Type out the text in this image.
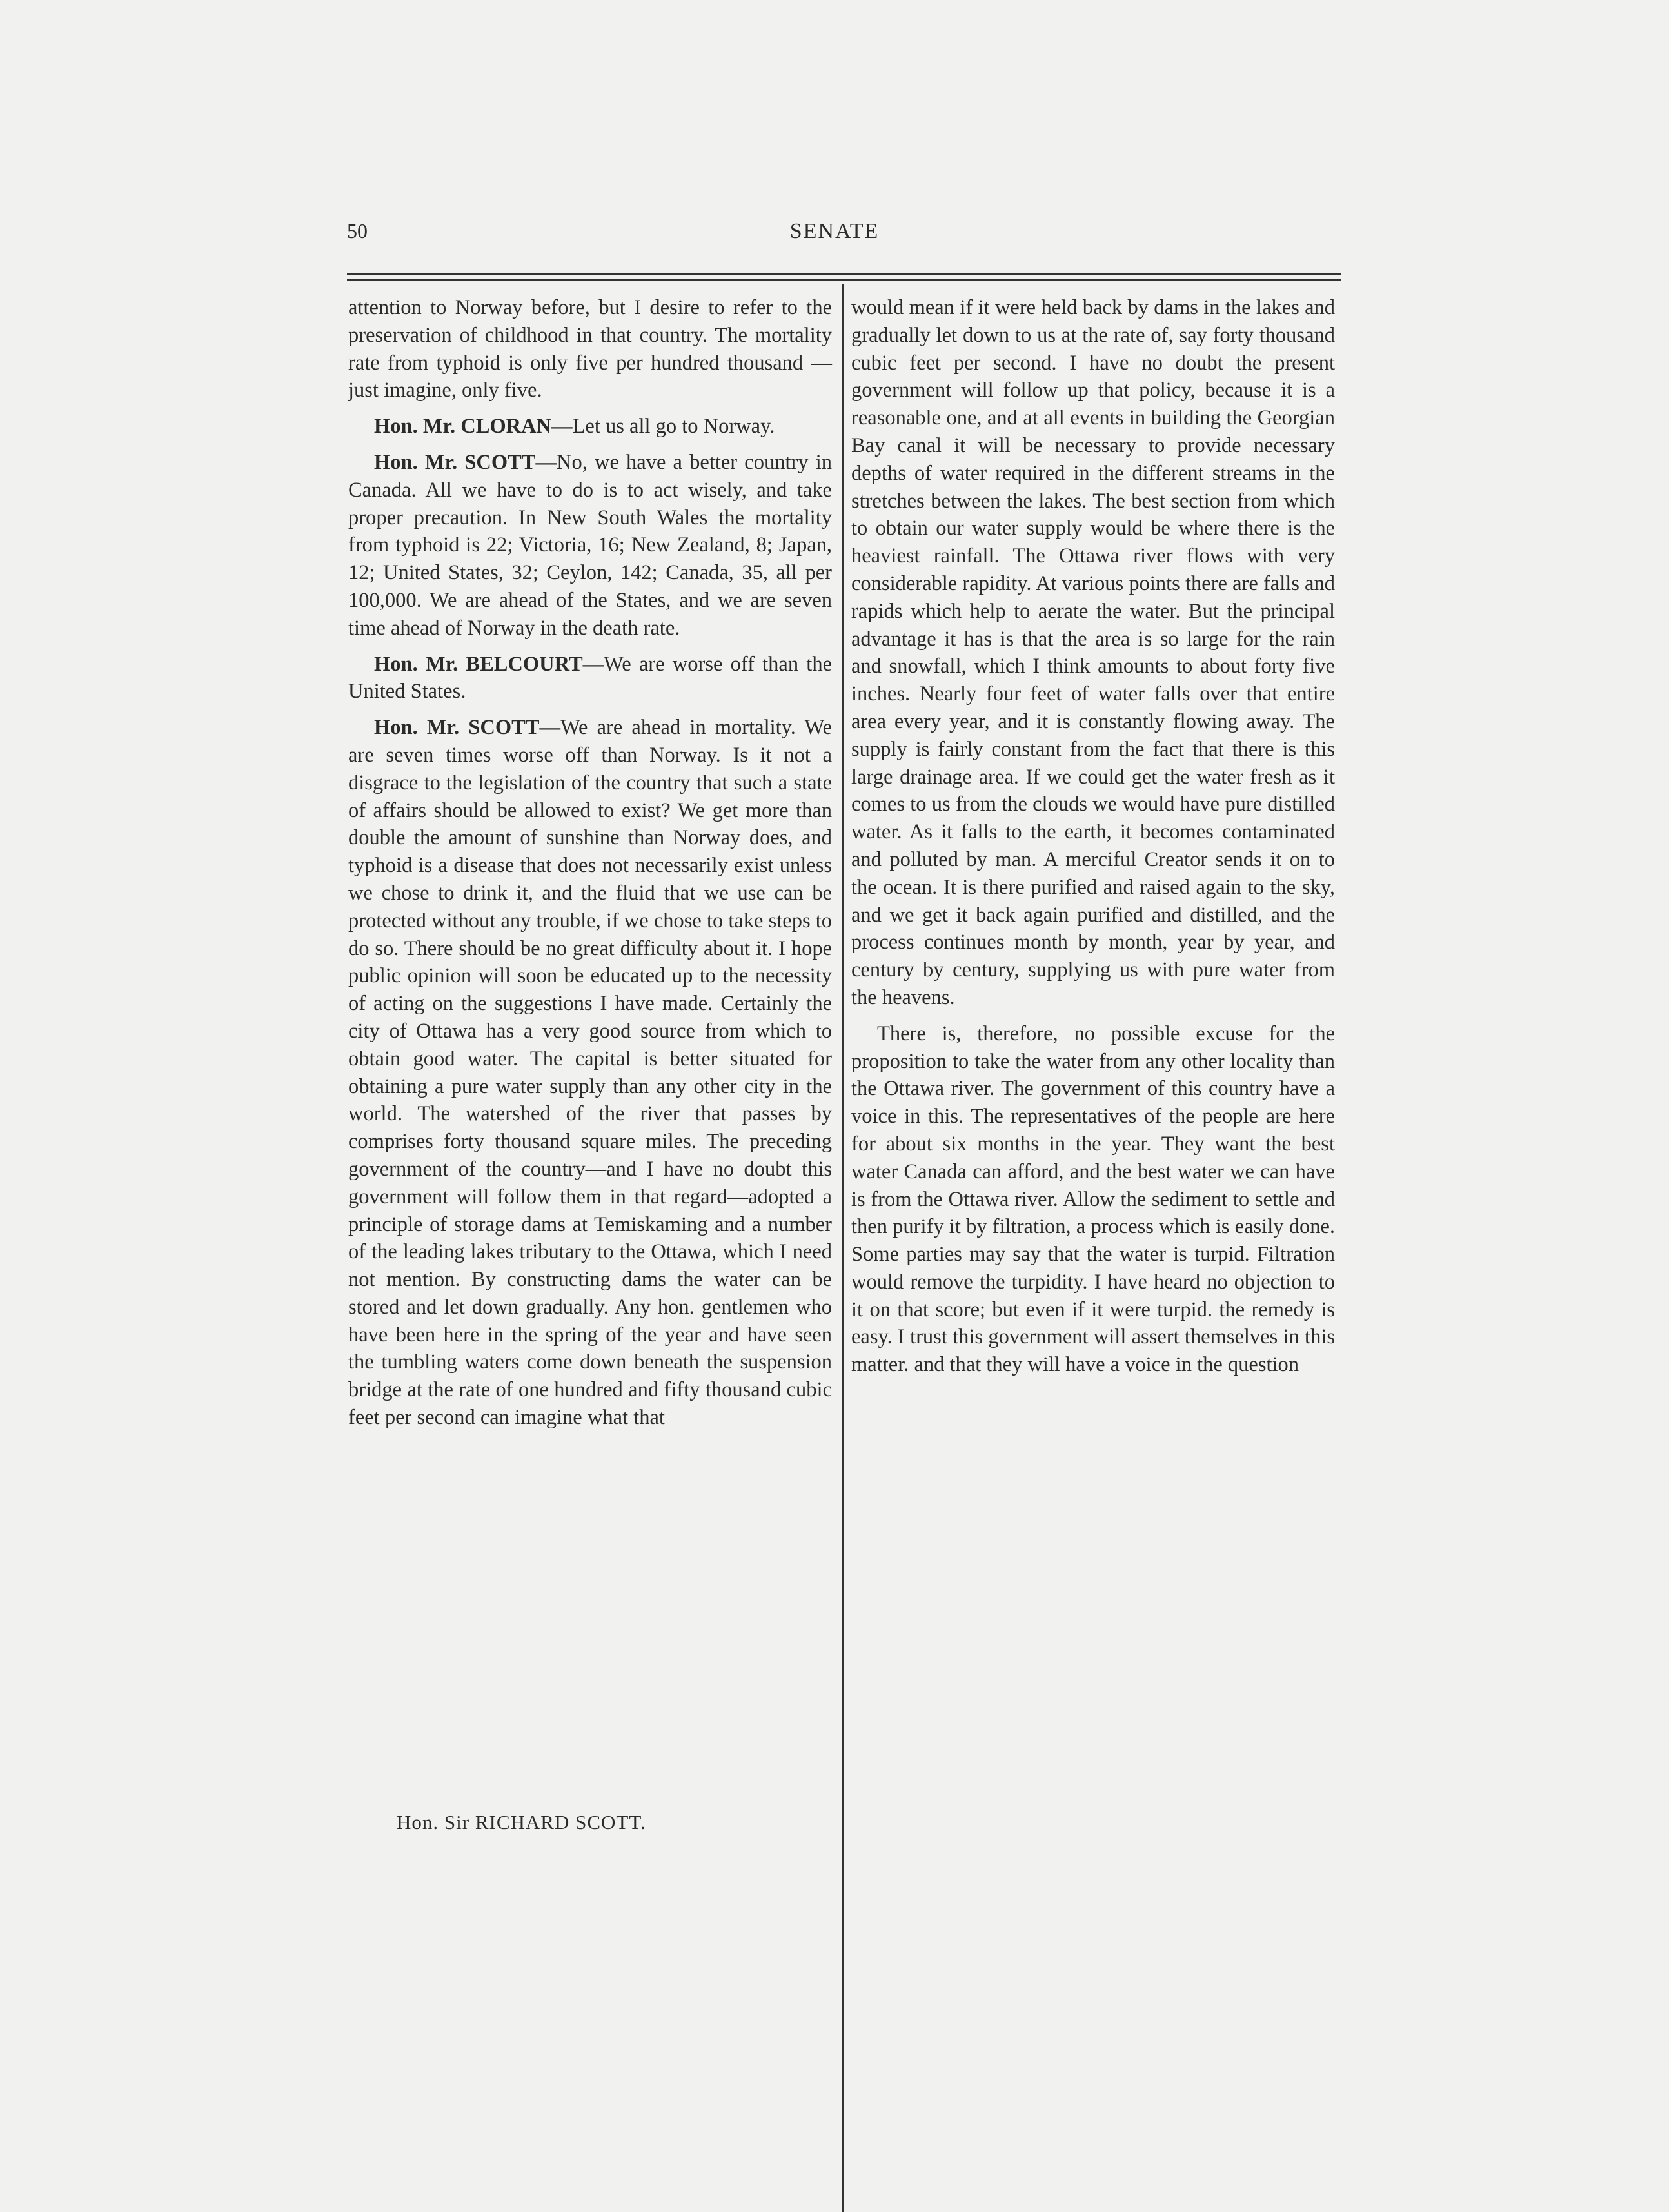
50	SENATE

attention to Norway before, but I desire to refer to the preservation of childhood in that country. The mortality rate from typhoid is only five per hundred thousand —just imagine, only five.

Hon. Mr. CLORAN—Let us all go to Norway.

Hon. Mr. SCOTT—No, we have a better country in Canada. All we have to do is to act wisely, and take proper precaution. In New South Wales the mortality from typhoid is 22; Victoria, 16; New Zealand, 8; Japan, 12; United States, 32; Ceylon, 142; Canada, 35, all per 100,000. We are ahead of the States, and we are seven time ahead of Norway in the death rate.

Hon. Mr. BELCOURT—We are worse off than the United States.

Hon. Mr. SCOTT—We are ahead in mortality. We are seven times worse off than Norway. Is it not a disgrace to the legislation of the country that such a state of affairs should be allowed to exist? We get more than double the amount of sunshine than Norway does, and typhoid is a disease that does not necessarily exist unless we chose to drink it, and the fluid that we use can be protected without any trouble, if we chose to take steps to do so. There should be no great difficulty about it. I hope public opinion will soon be educated up to the necessity of acting on the suggestions I have made. Certainly the city of Ottawa has a very good source from which to obtain good water. The capital is better situated for obtaining a pure water supply than any other city in the world. The watershed of the river that passes by comprises forty thousand square miles. The preceding government of the country—and I have no doubt this government will follow them in that regard—adopted a principle of storage dams at Temiskaming and a number of the leading lakes tributary to the Ottawa, which I need not mention. By constructing dams the water can be stored and let down gradually. Any hon. gentlemen who have been here in the spring of the year and have seen the tumbling waters come down beneath the suspension bridge at the rate of one hundred and fifty thousand cubic feet per second can imagine what that

would mean if it were held back by dams in the lakes and gradually let down to us at the rate of, say forty thousand cubic feet per second. I have no doubt the present government will follow up that policy, because it is a reasonable one, and at all events in building the Georgian Bay canal it will be necessary to provide necessary depths of water required in the different streams in the stretches between the lakes. The best section from which to obtain our water supply would be where there is the heaviest rainfall. The Ottawa river flows with very considerable rapidity. At various points there are falls and rapids which help to aerate the water. But the principal advantage it has is that the area is so large for the rain and snowfall, which I think amounts to about forty five inches. Nearly four feet of water falls over that entire area every year, and it is constantly flowing away. The supply is fairly constant from the fact that there is this large drainage area. If we could get the water fresh as it comes to us from the clouds we would have pure distilled water. As it falls to the earth, it becomes contaminated and polluted by man. A merciful Creator sends it on to the ocean. It is there purified and raised again to the sky, and we get it back again purified and distilled, and the process continues month by month, year by year, and century by century, supplying us with pure water from the heavens.

There is, therefore, no possible excuse for the proposition to take the water from any other locality than the Ottawa river. The government of this country have a voice in this. The representatives of the people are here for about six months in the year. They want the best water Canada can afford, and the best water we can have is from the Ottawa river. Allow the sediment to settle and then purify it by filtration, a process which is easily done. Some parties may say that the water is turpid. Filtration would remove the turpidity. I have heard no objection to it on that score; but even if it were turpid. the remedy is easy. I trust this government will assert themselves in this matter. and that they will have a voice in the question

Hon. Sir RICHARD SCOTT.
